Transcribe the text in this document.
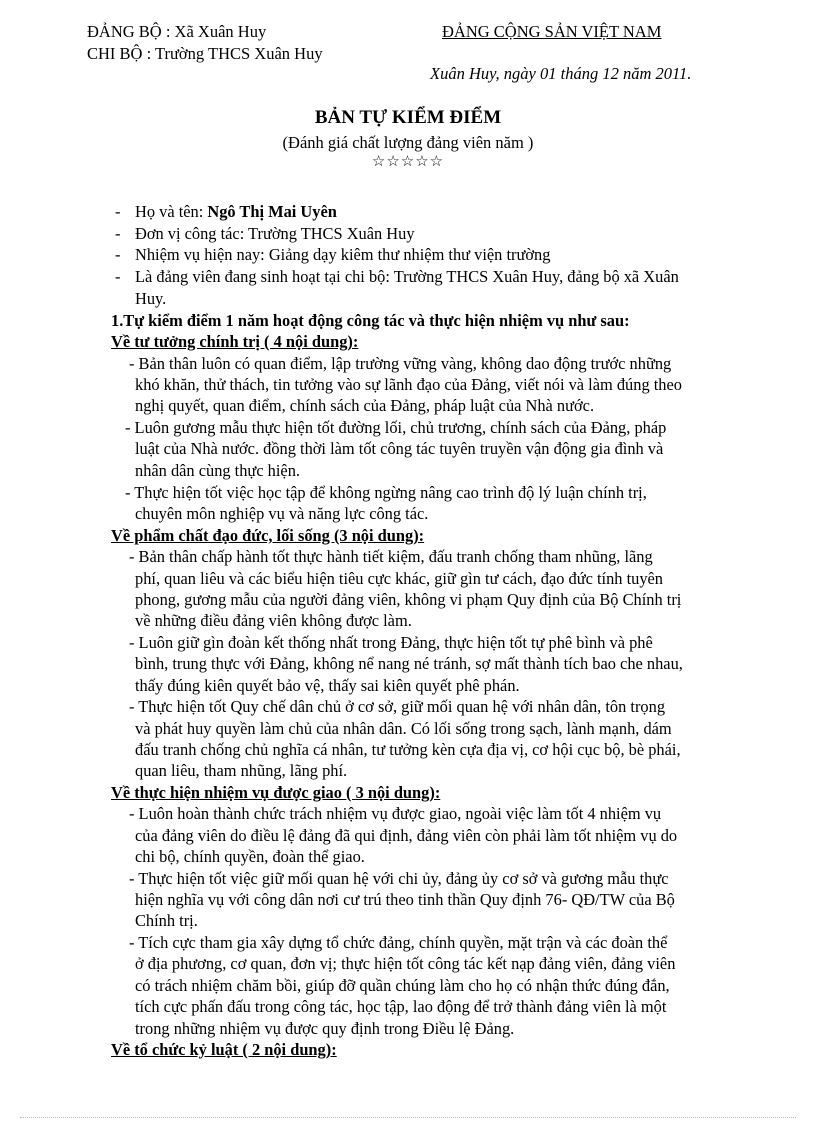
ĐẢNG BỘ : Xã Xuân Huy
CHI BỘ : Trường THCS Xuân Huy
ĐẢNG CỘNG SẢN VIỆT NAM
Xuân Huy, ngày 01 tháng 12 năm 2011.
BẢN TỰ KIỂM ĐIỂM
(Đánh giá chất lượng đảng viên năm )
☆☆☆☆☆
- Họ và tên: Ngô Thị Mai Uyên
- Đơn vị công tác: Trường THCS Xuân Huy
- Nhiệm vụ hiện nay: Giảng dạy kiêm thư nhiệm thư viện trường
- Là đảng viên đang sinh hoạt tại chi bộ: Trường THCS Xuân Huy, đảng bộ xã Xuân
Huy.
1.Tự kiểm điểm 1 năm hoạt động công tác và thực hiện nhiệm vụ như sau:
Về tư tưởng chính trị ( 4 nội dung):
- Bản thân luôn có quan điểm, lập trường vững vàng, không dao động trước những
khó khăn, thử thách, tin tưởng vào sự lãnh đạo của Đảng, viết nói và làm đúng theo
nghị quyết, quan điểm, chính sách của Đảng, pháp luật của Nhà nước.
- Luôn gương mẫu thực hiện tốt đường lối, chủ trương, chính sách của Đảng, pháp
luật của Nhà nước. đồng thời làm tốt công tác tuyên truyền vận động gia đình và
nhân dân cùng thực hiện.
- Thực hiện tốt việc học tập để không ngừng nâng cao trình độ lý luận chính trị,
chuyên môn nghiệp vụ và năng lực công tác.
Về phẩm chất đạo đức, lối sống (3 nội dung):
- Bản thân chấp hành tốt thực hành tiết kiệm, đấu tranh chống tham nhũng, lãng
phí, quan liêu và các biểu hiện tiêu cực khác, giữ gìn tư cách, đạo đức tính tuyên
phong, gương mẫu của người đảng viên, không vi phạm Quy định của Bộ Chính trị
về những điều đảng viên không được làm.
- Luôn giữ gìn đoàn kết thống nhất trong Đảng, thực hiện tốt tự phê bình và phê
bình, trung thực với Đảng, không nể nang né tránh, sợ mất thành tích bao che nhau,
thấy đúng kiên quyết bảo vệ, thấy sai kiên quyết phê phán.
- Thực hiện tốt Quy chế dân chủ ở cơ sở, giữ mối quan hệ với nhân dân, tôn trọng
và phát huy quyền làm chủ của nhân dân. Có lối sống trong sạch, lành mạnh, dám
đấu tranh chống chủ nghĩa cá nhân, tư tưởng kèn cựa địa vị, cơ hội cục bộ, bè phái,
quan liêu, tham nhũng, lãng phí.
Về thực hiện nhiệm vụ được giao ( 3 nội dung):
- Luôn hoàn thành chức trách nhiệm vụ được giao, ngoài việc làm tốt 4 nhiệm vụ
của đảng viên do điều lệ đảng đã qui định, đảng viên còn phải làm tốt nhiệm vụ do
chi bộ, chính quyền, đoàn thể giao.
- Thực hiện tốt việc giữ mối quan hệ với chi ủy, đảng ủy cơ sở và gương mẫu thực
hiện nghĩa vụ với công dân nơi cư trú theo tinh thần Quy định 76- QĐ/TW của Bộ
Chính trị.
- Tích cực tham gia xây dựng tổ chức đảng, chính quyền, mặt trận và các đoàn thể
ở địa phương, cơ quan, đơn vị; thực hiện tốt công tác kết nạp đảng viên, đảng viên
có trách nhiệm chăm bồi, giúp đỡ quần chúng làm cho họ có nhận thức đúng đắn,
tích cực phấn đấu trong công tác, học tập, lao động để trở thành đảng viên là một
trong những nhiệm vụ được quy định trong Điều lệ Đảng.
Về tổ chức kỷ luật ( 2 nội dung):
